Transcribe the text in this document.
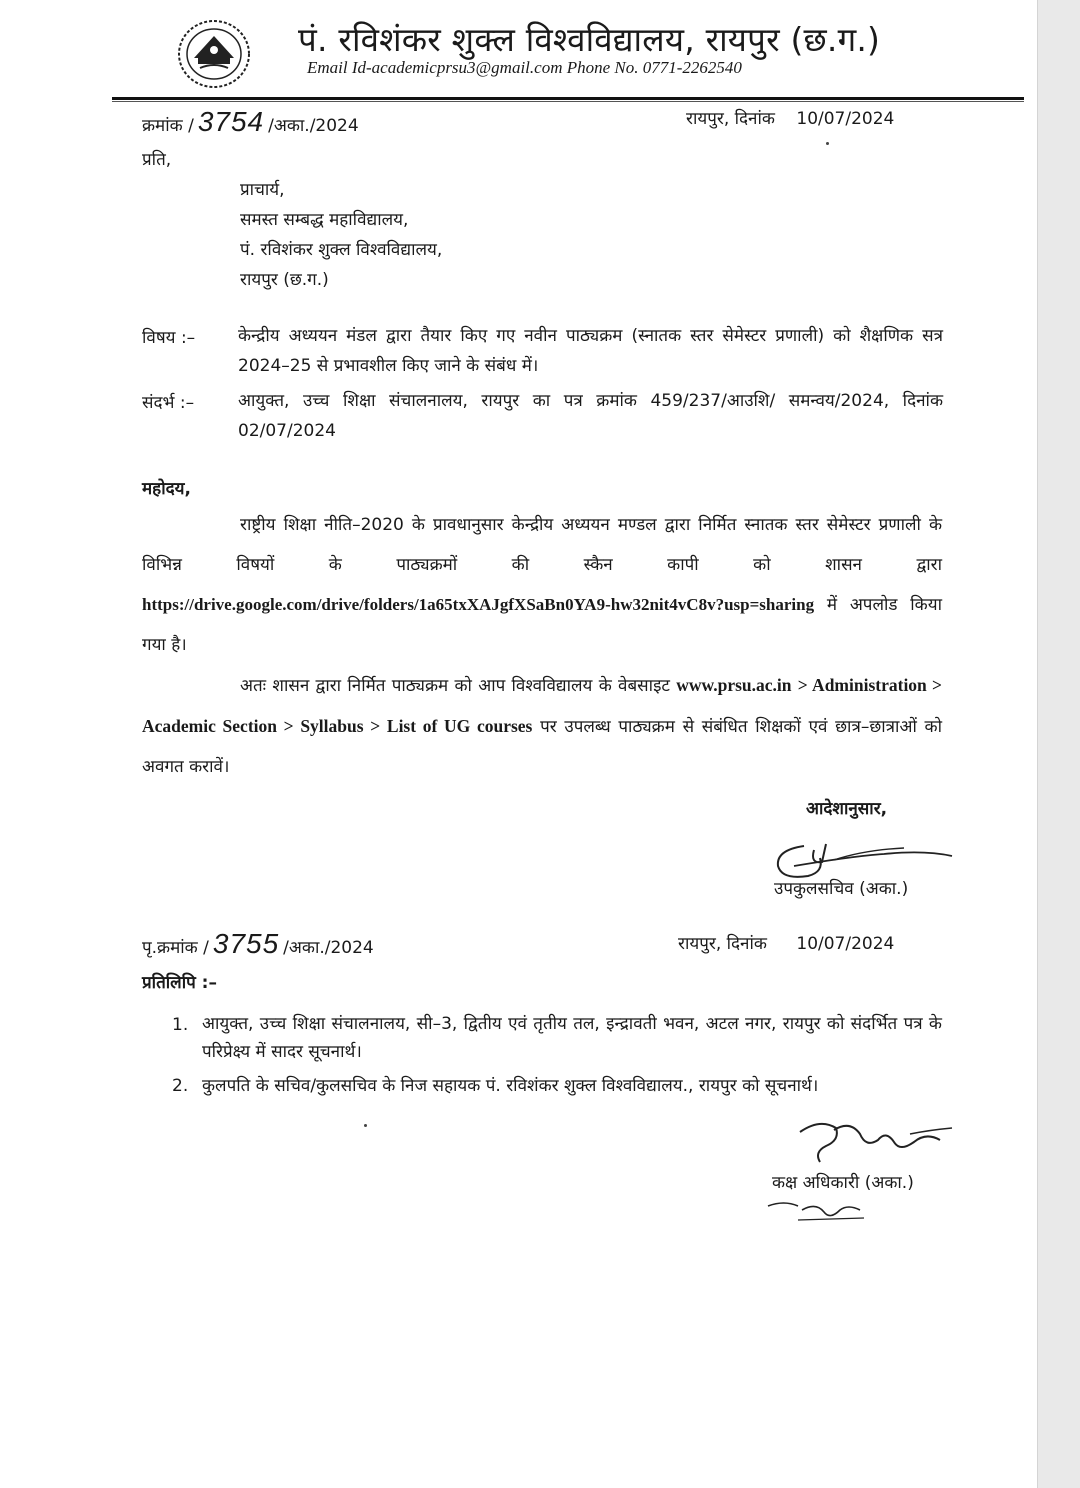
पं. रविशंकर शुक्ल विश्वविद्यालय, रायपुर (छ.ग.)
Email Id-academicprsu3@gmail.com Phone No. 0771-2262540
क्रमांक / 3754 /अका./2024	रायपुर, दिनांक 10/07/2024
प्रति,
प्राचार्य,
समस्त सम्बद्ध महाविद्यालय,
पं. रविशंकर शुक्ल विश्वविद्यालय,
रायपुर (छ.ग.)
विषय :–	केन्द्रीय अध्ययन मंडल द्वारा तैयार किए गए नवीन पाठ्यक्रम (स्नातक स्तर सेमेस्टर प्रणाली) को शैक्षणिक सत्र 2024–25 से प्रभावशील किए जाने के संबंध में।
संदर्भ :–	आयुक्त, उच्च शिक्षा संचालनालय, रायपुर का पत्र क्रमांक 459/237/आउशि/ समन्वय/2024, दिनांक 02/07/2024
महोदय,
राष्ट्रीय शिक्षा नीति–2020 के प्रावधानुसार केन्द्रीय अध्ययन मण्डल द्वारा निर्मित स्नातक स्तर सेमेस्टर प्रणाली के विभिन्न विषयों के पाठ्यक्रमों की स्कैन कापी को शासन द्वारा https://drive.google.com/drive/folders/1a65txXAJgfXSaBn0YA9-hw32nit4vC8v?usp=sharing में अपलोड किया गया है।
अतः शासन द्वारा निर्मित पाठ्यक्रम को आप विश्वविद्यालय के वेबसाइट www.prsu.ac.in > Administration > Academic Section > Syllabus > List of UG courses पर उपलब्ध पाठ्यक्रम से संबंधित शिक्षकों एवं छात्र–छात्राओं को अवगत करावें।
आदेशानुसार,
उपकुलसचिव (अका.)
पृ.क्रमांक / 3755 /अका./2024	रायपुर, दिनांक 10/07/2024
प्रतिलिपि :–
1. आयुक्त, उच्च शिक्षा संचालनालय, सी–3, द्वितीय एवं तृतीय तल, इन्द्रावती भवन, अटल नगर, रायपुर को संदर्भित पत्र के परिप्रेक्ष्य में सादर सूचनार्थ।
2. कुलपति के सचिव/कुलसचिव के निज सहायक पं. रविशंकर शुक्ल विश्वविद्यालय., रायपुर को सूचनार्थ।
कक्ष अधिकारी (अका.)
